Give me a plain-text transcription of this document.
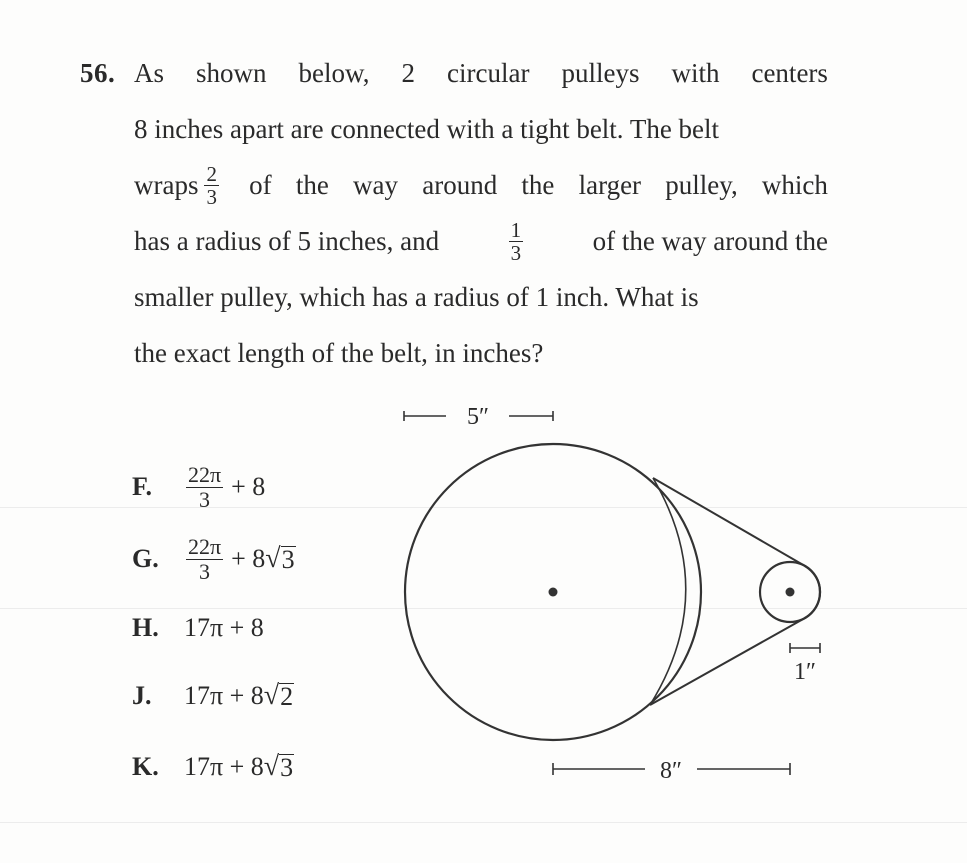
56. As shown below, 2 circular pulleys with centers
8 inches apart are connected with a tight belt. The belt
wraps $\frac{2}{3}$ of the way around the larger pulley, which
has a radius of 5 inches, and	$\frac{1}{3}$	of the way around the
smaller pulley, which has a radius of 1 inch. What is
the exact length of the belt, in inches?
F.	$\frac{22\pi}{3} + 8$
G.	$\frac{22\pi}{3} + 8$ √ 3
H. 17π + 8
J.	17π + 8 √ 2
K. 17π + 8 √ 3
5″
1″
8″
